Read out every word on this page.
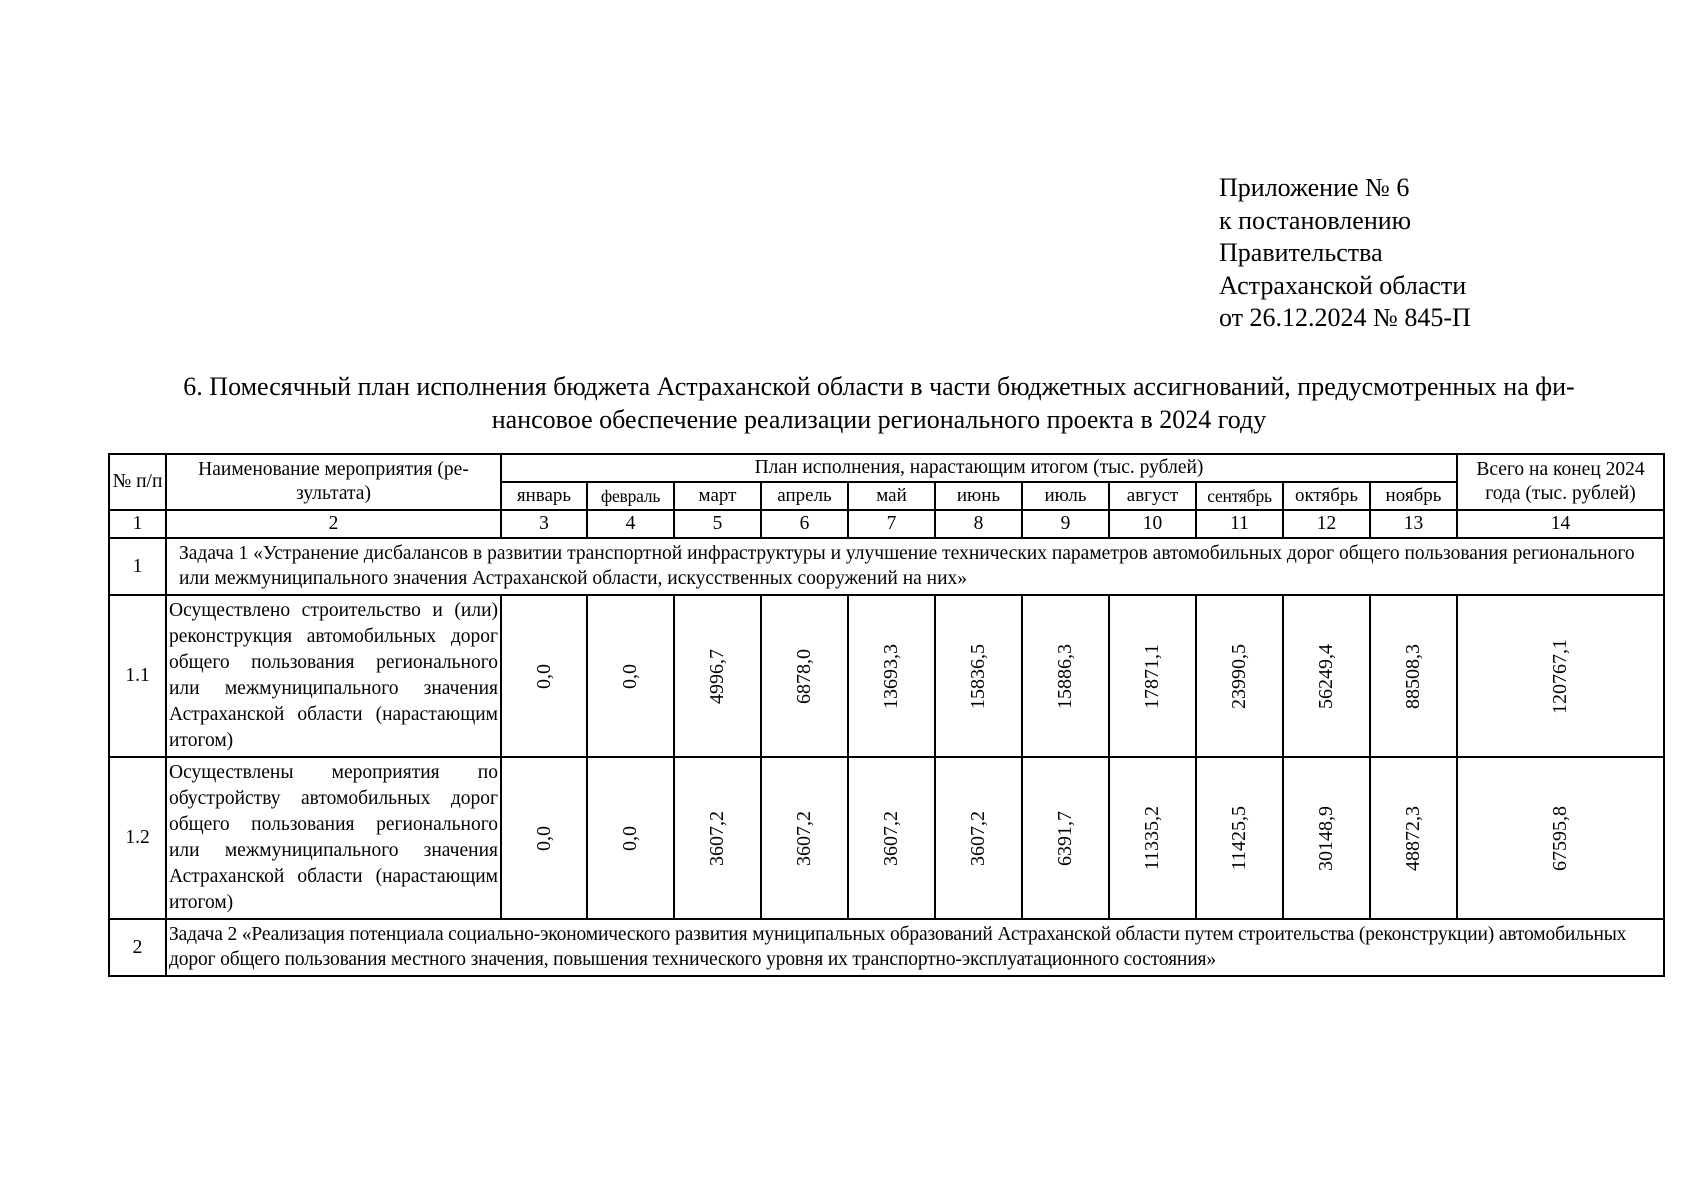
Приложение № 6
к постановлению
Правительства
Астраханской области
от 26.12.2024 № 845-П
6. Помесячный план исполнения бюджета Астраханской области в части бюджетных ассигнований, предусмотренных на фи-
нансовое обеспечение реализации регионального проекта в 2024 году
№ п/п	Наименование мероприятия (ре-зультата)	План исполнения, нарастающим итогом (тыс. рублей)											Всего на конец 2024 года (тыс. рублей)
		январь	февраль	март	апрель	май	июнь	июль	август	сентябрь	октябрь	ноябрь	
1	2	3	4	5	6	7	8	9	10	11	12	13	14
1	Задача 1 «Устранение дисбалансов в развитии транспортной инфраструктуры и улучшение технических параметров автомобильных дорог общего пользования регионального или межмуниципального значения Астраханской области, искусственных сооружений на них»												
1.1	Осуществлено строительство и (или) реконструкция автомобильных дорог общего пользования регионального или межмуниципального значения Астраханской области (нарастающим итогом)	0,0	0,0	4996,7	6878,0	13693,3	15836,5	15886,3	17871,1	23990,5	56249,4	88508,3	120767,1

1.2	Осуществлены мероприятия по обустройству автомобильных дорог общего пользования регионального или межмуниципального значения Астраханской области (нарастающим итогом)	0,0	0,0	3607,2	3607,2	3607,2	3607,2	6391,7	11335,2	11425,5	30148,9	48872,3	67595,8

2	Задача 2 «Реализация потенциала социально-экономического развития муниципальных образований Астраханской области путем строительства (реконструкции) автомобильных дорог общего пользования местного значения, повышения технического уровня их транспортно-эксплуатационного состояния»												
